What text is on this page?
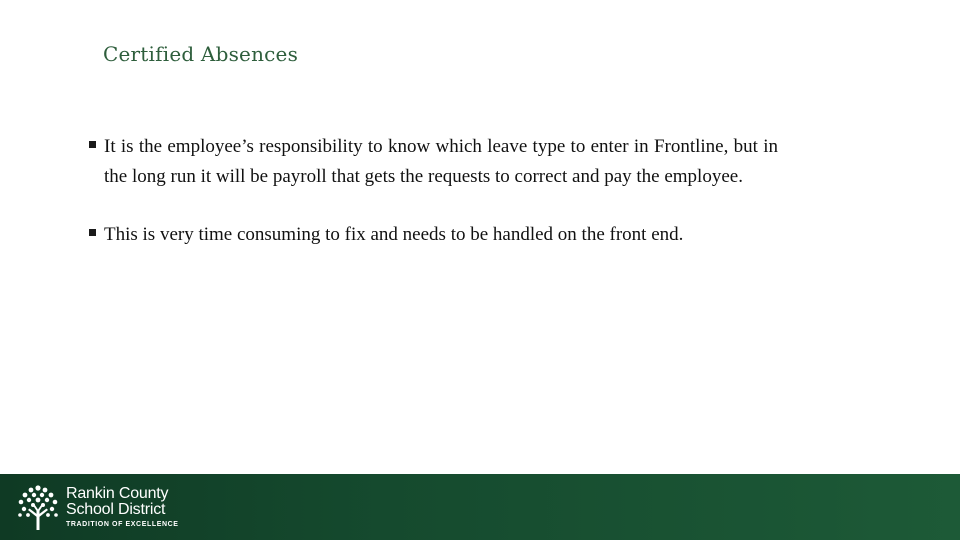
Certified Absences
It is the employee’s responsibility to know which leave type to enter in Frontline, but in the long run it will be payroll that gets the requests to correct and pay the employee.
This is very time consuming to fix and needs to be handled on the front end.
Rankin County
School District
TRADITION OF EXCELLENCE
